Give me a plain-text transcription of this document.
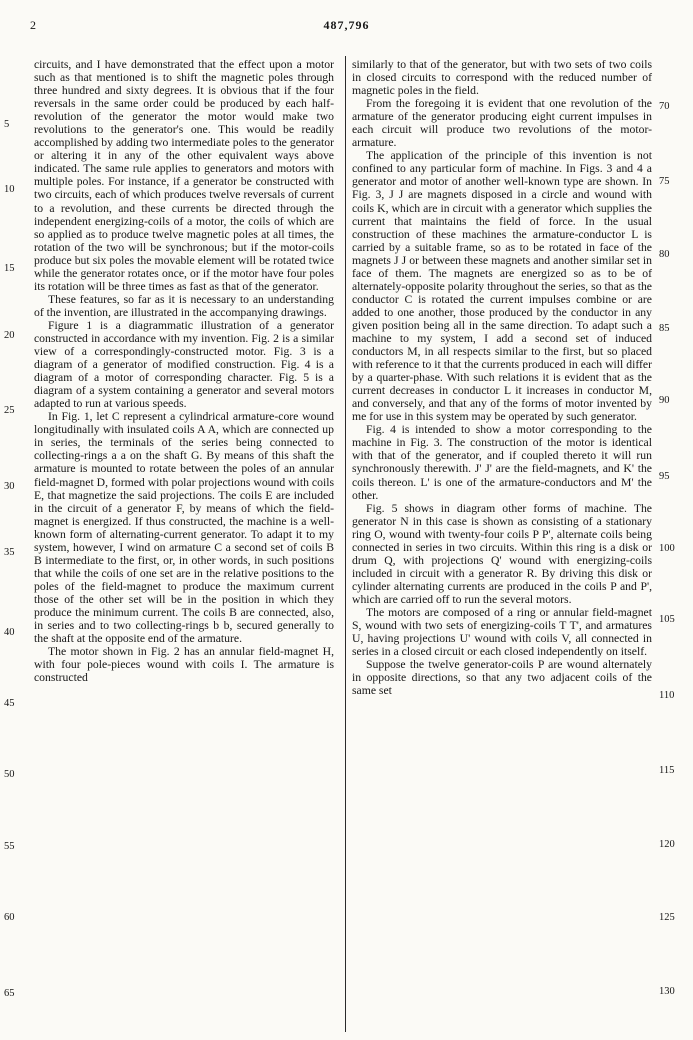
2	487,796

circuits, and I have demonstrated that the effect upon a motor such as that mentioned is to shift the magnetic poles through three hundred and sixty degrees. It is obvious that if the four reversals in the same order could be produced by each half-revolution of the generator the motor would make two revolutions to the generator's one. This would be readily accomplished by adding two intermediate poles to the generator or altering it in any of the other equivalent ways above indicated. The same rule applies to generators and motors with multiple poles. For instance, if a generator be constructed with two circuits, each of which produces twelve reversals of current to a revolution, and these currents be directed through the independent energizing-coils of a motor, the coils of which are so applied as to produce twelve magnetic poles at all times, the rotation of the two will be synchronous; but if the motor-coils produce but six poles the movable element will be rotated twice while the generator rotates once, or if the motor have four poles its rotation will be three times as fast as that of the generator.

These features, so far as it is necessary to an understanding of the invention, are illustrated in the accompanying drawings.

Figure 1 is a diagrammatic illustration of a generator constructed in accordance with my invention. Fig. 2 is a similar view of a correspondingly-constructed motor. Fig. 3 is a diagram of a generator of modified construction. Fig. 4 is a diagram of a motor of corresponding character. Fig. 5 is a diagram of a system containing a generator and several motors adapted to run at various speeds.

In Fig. 1, let C represent a cylindrical armature-core wound longitudinally with insulated coils A A, which are connected up in series, the terminals of the series being connected to collecting-rings a a on the shaft G. By means of this shaft the armature is mounted to rotate between the poles of an annular field-magnet D, formed with polar projections wound with coils E, that magnetize the said projections. The coils E are included in the circuit of a generator F, by means of which the field-magnet is energized. If thus constructed, the machine is a well-known form of alternating-current generator. To adapt it to my system, however, I wind on armature C a second set of coils B B intermediate to the first, or, in other words, in such positions that while the coils of one set are in the relative positions to the poles of the field-magnet to produce the maximum current those of the other set will be in the position in which they produce the minimum current. The coils B are connected, also, in series and to two collecting-rings b b, secured generally to the shaft at the opposite end of the armature.

The motor shown in Fig. 2 has an annular field-magnet H, with four pole-pieces wound with coils I. The armature is constructed

similarly to that of the generator, but with two sets of two coils in closed circuits to correspond with the reduced number of magnetic poles in the field.

From the foregoing it is evident that one revolution of the armature of the generator producing eight current impulses in each circuit will produce two revolutions of the motor-armature.

The application of the principle of this invention is not confined to any particular form of machine. In Figs. 3 and 4 a generator and motor of another well-known type are shown. In Fig. 3, J J are magnets disposed in a circle and wound with coils K, which are in circuit with a generator which supplies the current that maintains the field of force. In the usual construction of these machines the armature-conductor L is carried by a suitable frame, so as to be rotated in face of the magnets J J or between these magnets and another similar set in face of them. The magnets are energized so as to be of alternately-opposite polarity throughout the series, so that as the conductor C is rotated the current impulses combine or are added to one another, those produced by the conductor in any given position being all in the same direction. To adapt such a machine to my system, I add a second set of induced conductors M, in all respects similar to the first, but so placed with reference to it that the currents produced in each will differ by a quarter-phase. With such relations it is evident that as the current decreases in conductor L it increases in conductor M, and conversely, and that any of the forms of motor invented by me for use in this system may be operated by such generator.

Fig. 4 is intended to show a motor corresponding to the machine in Fig. 3. The construction of the motor is identical with that of the generator, and if coupled thereto it will run synchronously therewith. J' J' are the field-magnets, and K' the coils thereon. L' is one of the armature-conductors and M' the other.

Fig. 5 shows in diagram other forms of machine. The generator N in this case is shown as consisting of a stationary ring O, wound with twenty-four coils P P', alternate coils being connected in series in two circuits. Within this ring is a disk or drum Q, with projections Q' wound with energizing-coils included in circuit with a generator R. By driving this disk or cylinder alternating currents are produced in the coils P and P', which are carried off to run the several motors.

The motors are composed of a ring or annular field-magnet S, wound with two sets of energizing-coils T T', and armatures U, having projections U' wound with coils V, all connected in series in a closed circuit or each closed independently on itself.

Suppose the twelve generator-coils P are wound alternately in opposite directions, so that any two adjacent coils of the same set

5
10
15
20
25
30
35
40
45
50
55
60
65
70
75
80
85
90
95
100
105
110
115
120
125
130
